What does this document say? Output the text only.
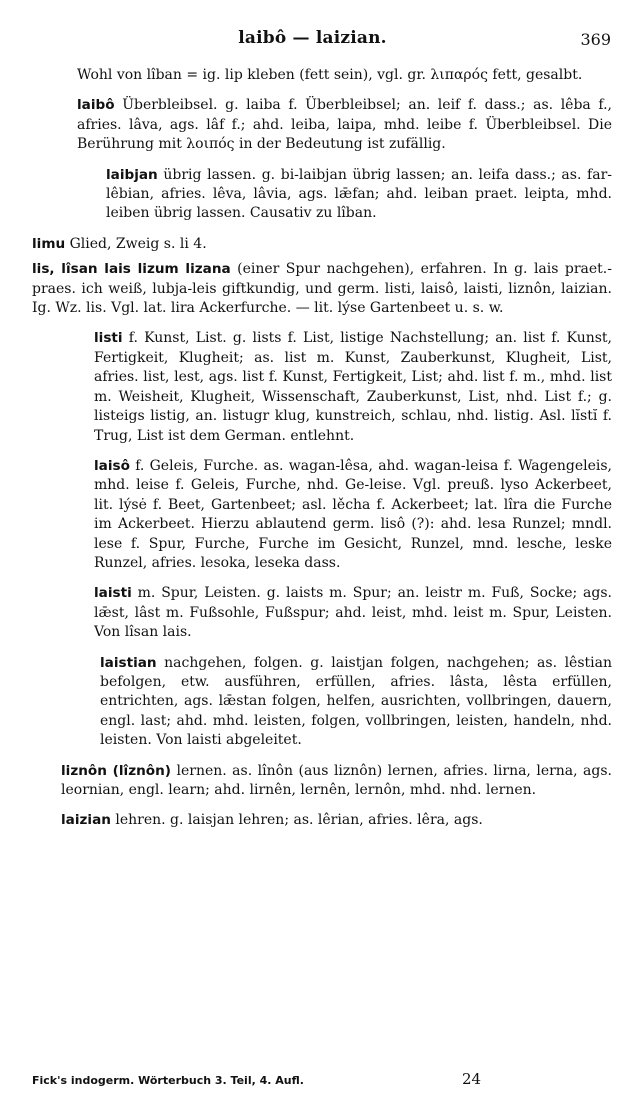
laibô — laizian.	369

Wohl von lîban = ig. lip kleben (fett sein), vgl. gr. λιπαρός fett, gesalbt.

laibô Überbleibsel. g. laiba f. Überbleibsel; an. leif f. dass.; as. lêba f., afries. lâva, ags. lâf f.; ahd. leiba, laipa, mhd. leibe f. Überbleibsel. Die Berührung mit λοιπός in der Bedeutung ist zufällig.

laibjan übrig lassen. g. bi-laibjan übrig lassen; an. leifa dass.; as. far-lêbian, afries. lêva, lâvia, ags. lǣfan; ahd. leiban praet. leipta, mhd. leiben übrig lassen. Causativ zu lîban.

limu Glied, Zweig s. li 4.

lis, lîsan lais lizum lizana (einer Spur nachgehen), erfahren. In g. lais praet.-praes. ich weiß, lubja-leis giftkundig, und germ. listi, laisô, laisti, liznôn, laizian. Ig. Wz. lis. Vgl. lat. lira Ackerfurche. — lit. lýse Gartenbeet u. s. w.

listi f. Kunst, List. g. lists f. List, listige Nachstellung; an. list f. Kunst, Fertigkeit, Klugheit; as. list m. Kunst, Zauberkunst, Klugheit, List, afries. list, lest, ags. list f. Kunst, Fertigkeit, List; ahd. list f. m., mhd. list m. Weisheit, Klugheit, Wissenschaft, Zauberkunst, List, nhd. List f.; g. listeigs listig, an. listugr klug, kunstreich, schlau, nhd. listig. Asl. lĭstĭ f. Trug, List ist dem German. entlehnt.

laisô f. Geleis, Furche. as. wagan-lêsa, ahd. wagan-leisa f. Wagengeleis, mhd. leise f. Geleis, Furche, nhd. Ge-leise. Vgl. preuß. lyso Ackerbeet, lit. lýsė f. Beet, Gartenbeet; asl. lěcha f. Ackerbeet; lat. lîra die Furche im Ackerbeet. Hierzu ablautend germ. lisô (?): ahd. lesa Runzel; mndl. lese f. Spur, Furche, Furche im Gesicht, Runzel, mnd. lesche, leske Runzel, afries. lesoka, leseka dass.

laisti m. Spur, Leisten. g. laists m. Spur; an. leistr m. Fuß, Socke; ags. lǣst, lâst m. Fußsohle, Fußspur; ahd. leist, mhd. leist m. Spur, Leisten. Von lîsan lais.

laistian nachgehen, folgen. g. laistjan folgen, nachgehen; as. lêstian befolgen, etw. ausführen, erfüllen, afries. lâsta, lêsta erfüllen, entrichten, ags. lǣstan folgen, helfen, ausrichten, vollbringen, dauern, engl. last; ahd. mhd. leisten, folgen, vollbringen, leisten, handeln, nhd. leisten. Von laisti abgeleitet.

liznôn (lîznôn) lernen. as. lînôn (aus liznôn) lernen, afries. lirna, lerna, ags. leornian, engl. learn; ahd. lirnên, lernên, lernôn, mhd. nhd. lernen.

laizian lehren. g. laisjan lehren; as. lêrian, afries. lêra, ags.

Fick's indogerm. Wörterbuch 3. Teil, 4. Aufl.	24
